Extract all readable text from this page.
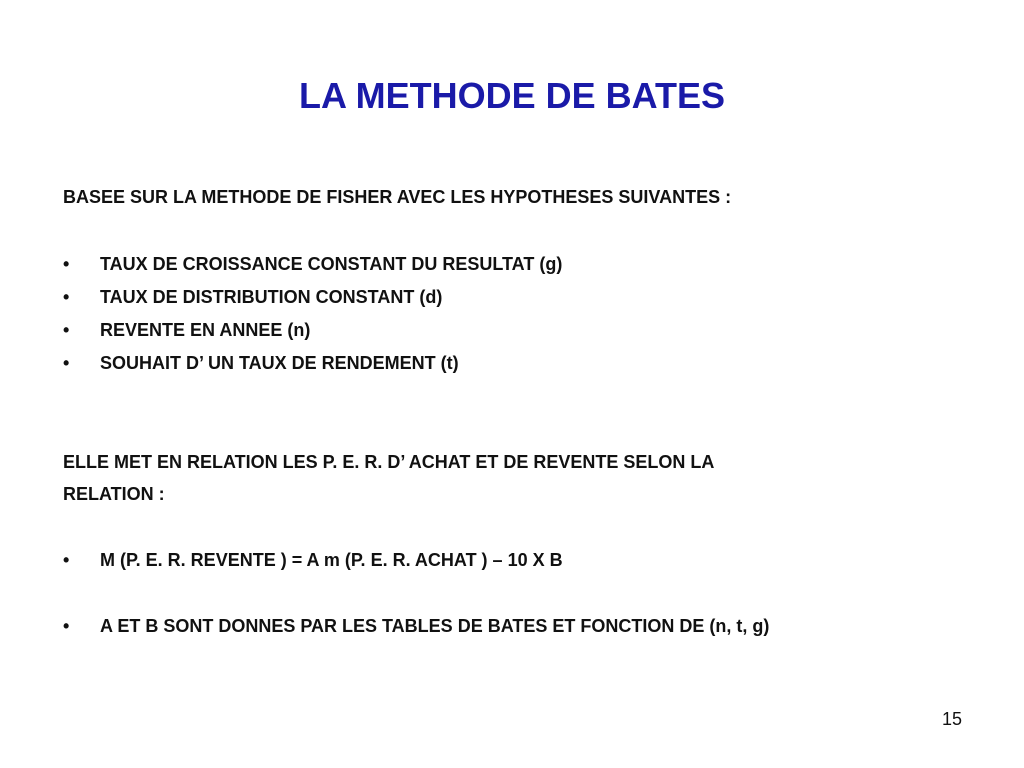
LA METHODE DE BATES
BASEE SUR LA METHODE DE FISHER AVEC LES HYPOTHESES SUIVANTES :
• TAUX DE CROISSANCE CONSTANT DU RESULTAT (g)
• TAUX DE DISTRIBUTION CONSTANT (d)
• REVENTE EN ANNEE (n)
• SOUHAIT D’ UN TAUX DE RENDEMENT (t)
ELLE MET EN RELATION LES P. E. R. D’ ACHAT ET DE REVENTE SELON LA
RELATION :
• M (P. E. R. REVENTE ) = A m (P. E. R. ACHAT ) – 10 X B
• A ET B SONT DONNES PAR LES TABLES DE BATES ET FONCTION DE (n, t, g)
15
